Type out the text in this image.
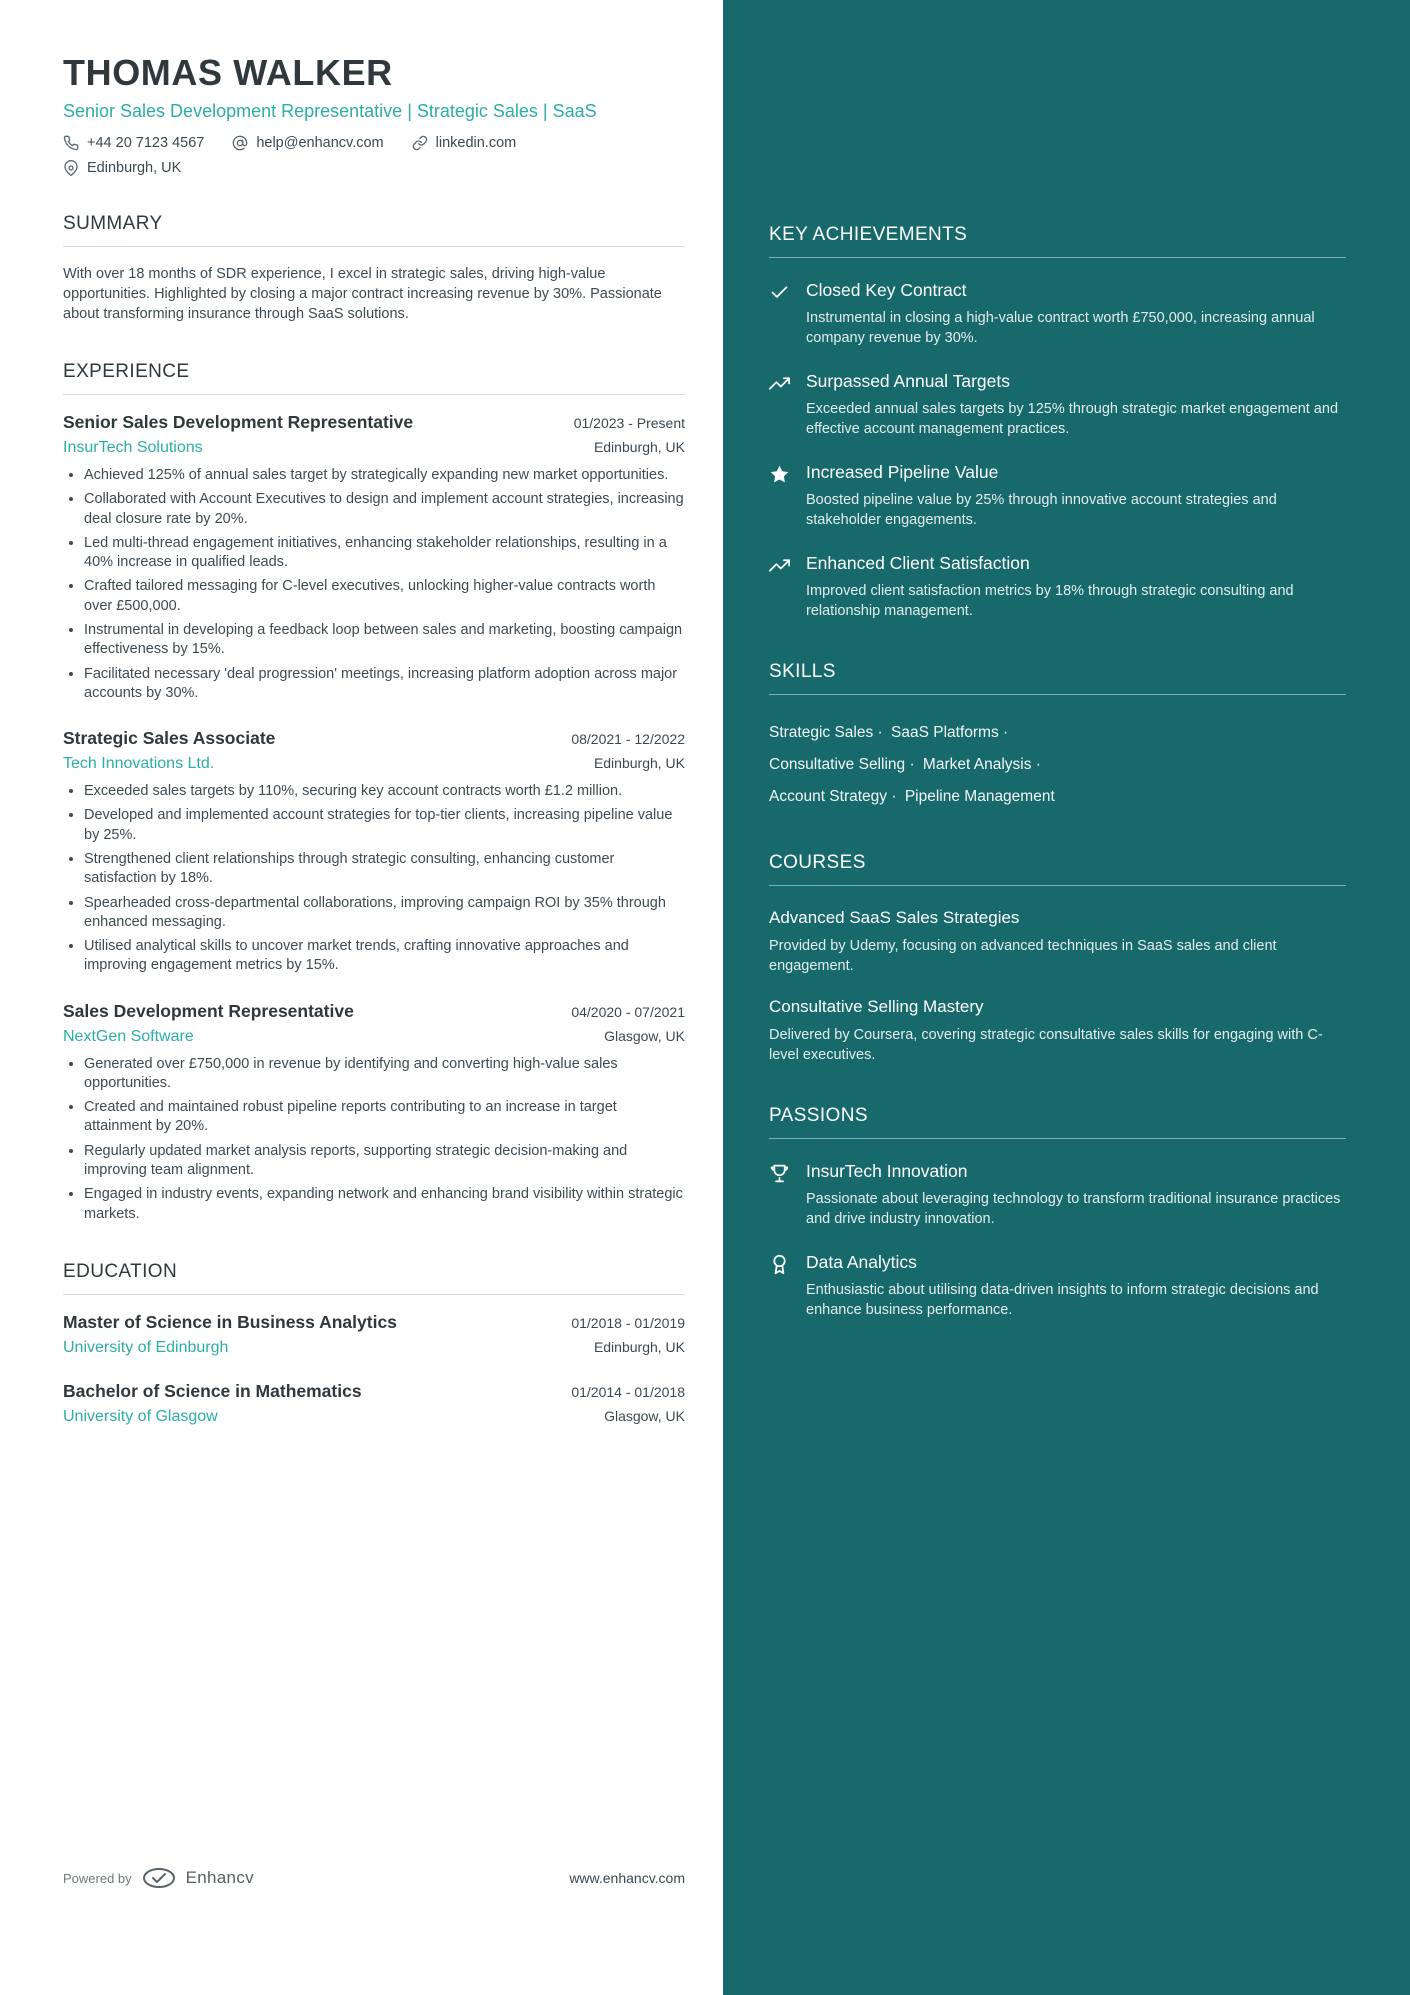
THOMAS WALKER
Senior Sales Development Representative | Strategic Sales | SaaS
+44 20 7123 4567	help@enhancv.com	linkedin.com
Edinburgh, UK
SUMMARY

With over 18 months of SDR experience, I excel in strategic sales, driving high-value opportunities. Highlighted by closing a major contract increasing revenue by 30%. Passionate about transforming insurance through SaaS solutions.

EXPERIENCE
Senior Sales Development Representative	01/2023 - Present
InsurTech Solutions	Edinburgh, UK
• Achieved 125% of annual sales target by strategically expanding new market opportunities.
• Collaborated with Account Executives to design and implement account strategies, increasing deal closure rate by 20%.
• Led multi-thread engagement initiatives, enhancing stakeholder relationships, resulting in a 40% increase in qualified leads.
• Crafted tailored messaging for C-level executives, unlocking higher-value contracts worth over £500,000.
• Instrumental in developing a feedback loop between sales and marketing, boosting campaign effectiveness by 15%.
• Facilitated necessary 'deal progression' meetings, increasing platform adoption across major accounts by 30%.
Strategic Sales Associate	08/2021 - 12/2022
Tech Innovations Ltd.	Edinburgh, UK
• Exceeded sales targets by 110%, securing key account contracts worth £1.2 million.
• Developed and implemented account strategies for top-tier clients, increasing pipeline value by 25%.
• Strengthened client relationships through strategic consulting, enhancing customer satisfaction by 18%.
• Spearheaded cross-departmental collaborations, improving campaign ROI by 35% through enhanced messaging.
• Utilised analytical skills to uncover market trends, crafting innovative approaches and improving engagement metrics by 15%.
Sales Development Representative	04/2020 - 07/2021
NextGen Software	Glasgow, UK
• Generated over £750,000 in revenue by identifying and converting high-value sales opportunities.
• Created and maintained robust pipeline reports contributing to an increase in target attainment by 20%.
• Regularly updated market analysis reports, supporting strategic decision-making and improving team alignment.
• Engaged in industry events, expanding network and enhancing brand visibility within strategic markets.
EDUCATION
Master of Science in Business Analytics	01/2018 - 01/2019
University of Edinburgh	Edinburgh, UK
Bachelor of Science in Mathematics	01/2014 - 01/2018
University of Glasgow	Glasgow, UK
Powered by	Enhancv	www.enhancv.com
KEY ACHIEVEMENTS
Closed Key Contract

Instrumental in closing a high-value contract worth £750,000, increasing annual company revenue by 30%.

Surpassed Annual Targets

Exceeded annual sales targets by 125% through strategic market engagement and effective account management practices.

Increased Pipeline Value

Boosted pipeline value by 25% through innovative account strategies and stakeholder engagements.

Enhanced Client Satisfaction

Improved client satisfaction metrics by 18% through strategic consulting and relationship management.

SKILLS

Strategic Sales · SaaS Platforms · Consultative Selling · Market Analysis · Account Strategy · Pipeline Management

COURSES
Advanced SaaS Sales Strategies

Provided by Udemy, focusing on advanced techniques in SaaS sales and client engagement.

Consultative Selling Mastery

Delivered by Coursera, covering strategic consultative sales skills for engaging with C-level executives.

PASSIONS
InsurTech Innovation

Passionate about leveraging technology to transform traditional insurance practices and drive industry innovation.

Data Analytics

Enthusiastic about utilising data-driven insights to inform strategic decisions and enhance business performance.
